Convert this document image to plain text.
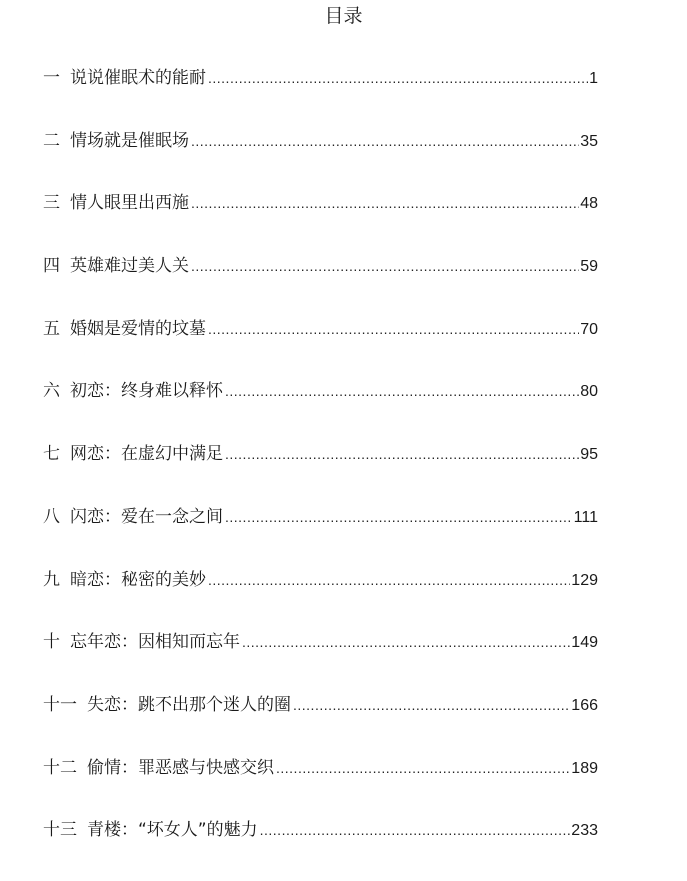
目录
一 说说催眠术的能耐 .....	1
二 情场就是催眠场 .....	35
三 情人眼里出西施 .....	48
四 英雄难过美人关 .....	59
五 婚姻是爱情的坟墓 .....	70
六 初恋：终身难以释怀 .....	80
七 网恋：在虚幻中满足 .....	95
八 闪恋：爱在一念之间 .....	111
九 暗恋：秘密的美妙 .....	129
十 忘年恋：因相知而忘年 .....	149
十一 失恋：跳不出那个迷人的圈 .....	166
十二 偷情：罪恶感与快感交织 .....	189
十三 青楼：“坏女人”的魅力 .....	233
